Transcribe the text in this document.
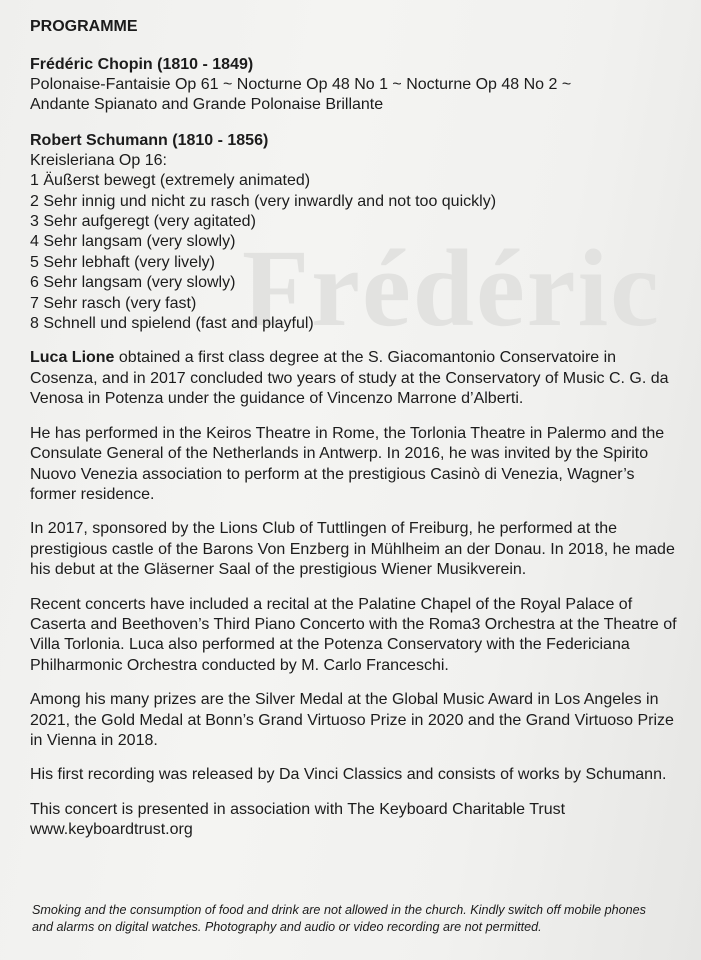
Frédéric

PROGRAMME

Frédéric Chopin (1810 - 1849)

Polonaise-Fantaisie Op 61 ~ Nocturne Op 48 No 1 ~ Nocturne Op 48 No 2 ~

Andante Spianato and Grande Polonaise Brillante

Robert Schumann (1810 - 1856)

Kreisleriana Op 16:

1 Äußerst bewegt (extremely animated)

2 Sehr innig und nicht zu rasch (very inwardly and not too quickly)

3 Sehr aufgeregt (very agitated)

4 Sehr langsam (very slowly)

5 Sehr lebhaft (very lively)

6 Sehr langsam (very slowly)

7 Sehr rasch (very fast)

8 Schnell und spielend (fast and playful)

Luca Lione obtained a first class degree at the S. Giacomantonio Conservatoire in Cosenza, and in 2017 concluded two years of study at the Conservatory of Music C. G. da Venosa in Potenza under the guidance of Vincenzo Marrone d’Alberti.

He has performed in the Keiros Theatre in Rome, the Torlonia Theatre in Palermo and the Consulate General of the Netherlands in Antwerp. In 2016, he was invited by the Spirito Nuovo Venezia association to perform at the prestigious Casinò di Venezia, Wagner’s former residence.

In 2017, sponsored by the Lions Club of Tuttlingen of Freiburg, he performed at the prestigious castle of the Barons Von Enzberg in Mühlheim an der Donau. In 2018, he made his debut at the Gläserner Saal of the prestigious Wiener Musikverein.

Recent concerts have included a recital at the Palatine Chapel of the Royal Palace of Caserta and Beethoven’s Third Piano Concerto with the Roma3 Orchestra at the Theatre of Villa Torlonia. Luca also performed at the Potenza Conservatory with the Federiciana Philharmonic Orchestra conducted by M. Carlo Franceschi.

Among his many prizes are the Silver Medal at the Global Music Award in Los Angeles in 2021, the Gold Medal at Bonn’s Grand Virtuoso Prize in 2020 and the Grand Virtuoso Prize in Vienna in 2018.

His first recording was released by Da Vinci Classics and consists of works by Schumann.

This concert is presented in association with The Keyboard Charitable Trust
www.keyboardtrust.org

Smoking and the consumption of food and drink are not allowed in the church. Kindly switch off mobile phones and alarms on digital watches. Photography and audio or video recording are not permitted.
